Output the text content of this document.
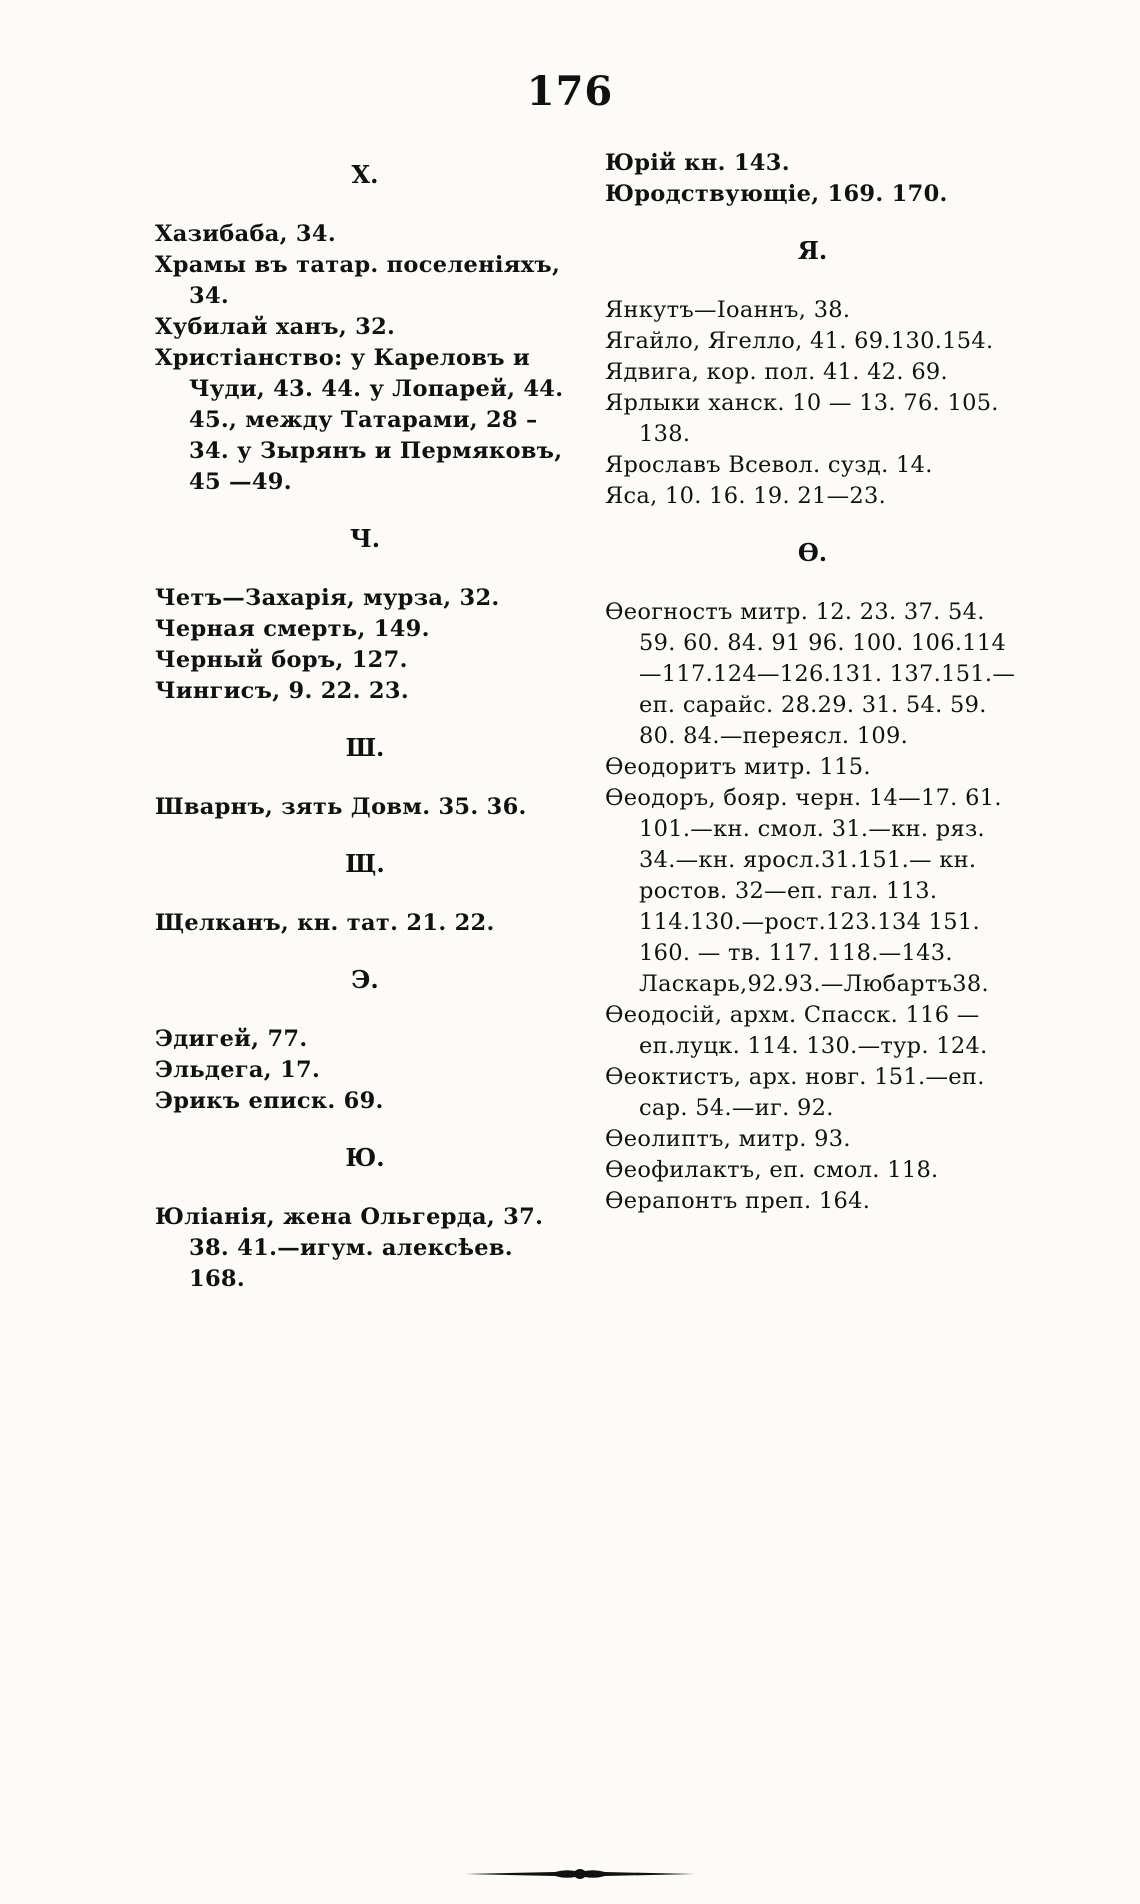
176
Х.
Хазибаба, 34.
Храмы въ татар. поселеніяхъ, 34.
Хубилай ханъ, 32.
Христіанство: у Кареловъ и Чуди, 43. 44. у Лопарей, 44. 45., между Татарами, 28 – 34. у Зырянъ и Пермяковъ, 45 —49.
Ч.
Четъ—Захарія, мурза, 32.
Черная смерть, 149.
Черный боръ, 127.
Чингисъ, 9. 22. 23.
Ш.
Шварнъ, зять Довм. 35. 36.
Щ.
Щелканъ, кн. тат. 21. 22.
Э.
Эдигей, 77.
Эльдега, 17.
Эрикъ еписк. 69.
Ю.
Юліанія, жена Ольгерда, 37. 38. 41.—игум. алексѣев. 168.
Юрій кн. 143.
Юродствующіе, 169. 170.
Я.
Янкутъ—Іоаннъ, 38.
Ягайло, Ягелло, 41. 69.130.154.
Ядвига, кор. пол. 41. 42. 69.
Ярлыки ханск. 10 — 13. 76. 105. 138.
Ярославъ Всевол. сузд. 14.
Яса, 10. 16. 19. 21—23.
Ѳ.
Ѳеогностъ митр. 12. 23. 37. 54. 59. 60. 84. 91 96. 100. 106.114—117.124—126.131. 137.151.—еп. сарайс. 28.29. 31. 54. 59. 80. 84.—переясл. 109.
Ѳеодоритъ митр. 115.
Ѳеодоръ, бояр. черн. 14—17. 61. 101.—кн. смол. 31.—кн. ряз. 34.—кн. яросл.31.151.— кн. ростов. 32—еп. гал. 113. 114.130.—рост.123.134 151. 160. — тв. 117. 118.—143. Ласкарь,92.93.—Любартъ38.
Ѳеодосій, архм. Спасск. 116 — еп.луцк. 114. 130.—тур. 124.
Ѳеоктистъ, арх. новг. 151.—еп. сар. 54.—иг. 92.
Ѳеолиптъ, митр. 93.
Ѳеофилактъ, еп. смол. 118.
Ѳерапонтъ преп. 164.
